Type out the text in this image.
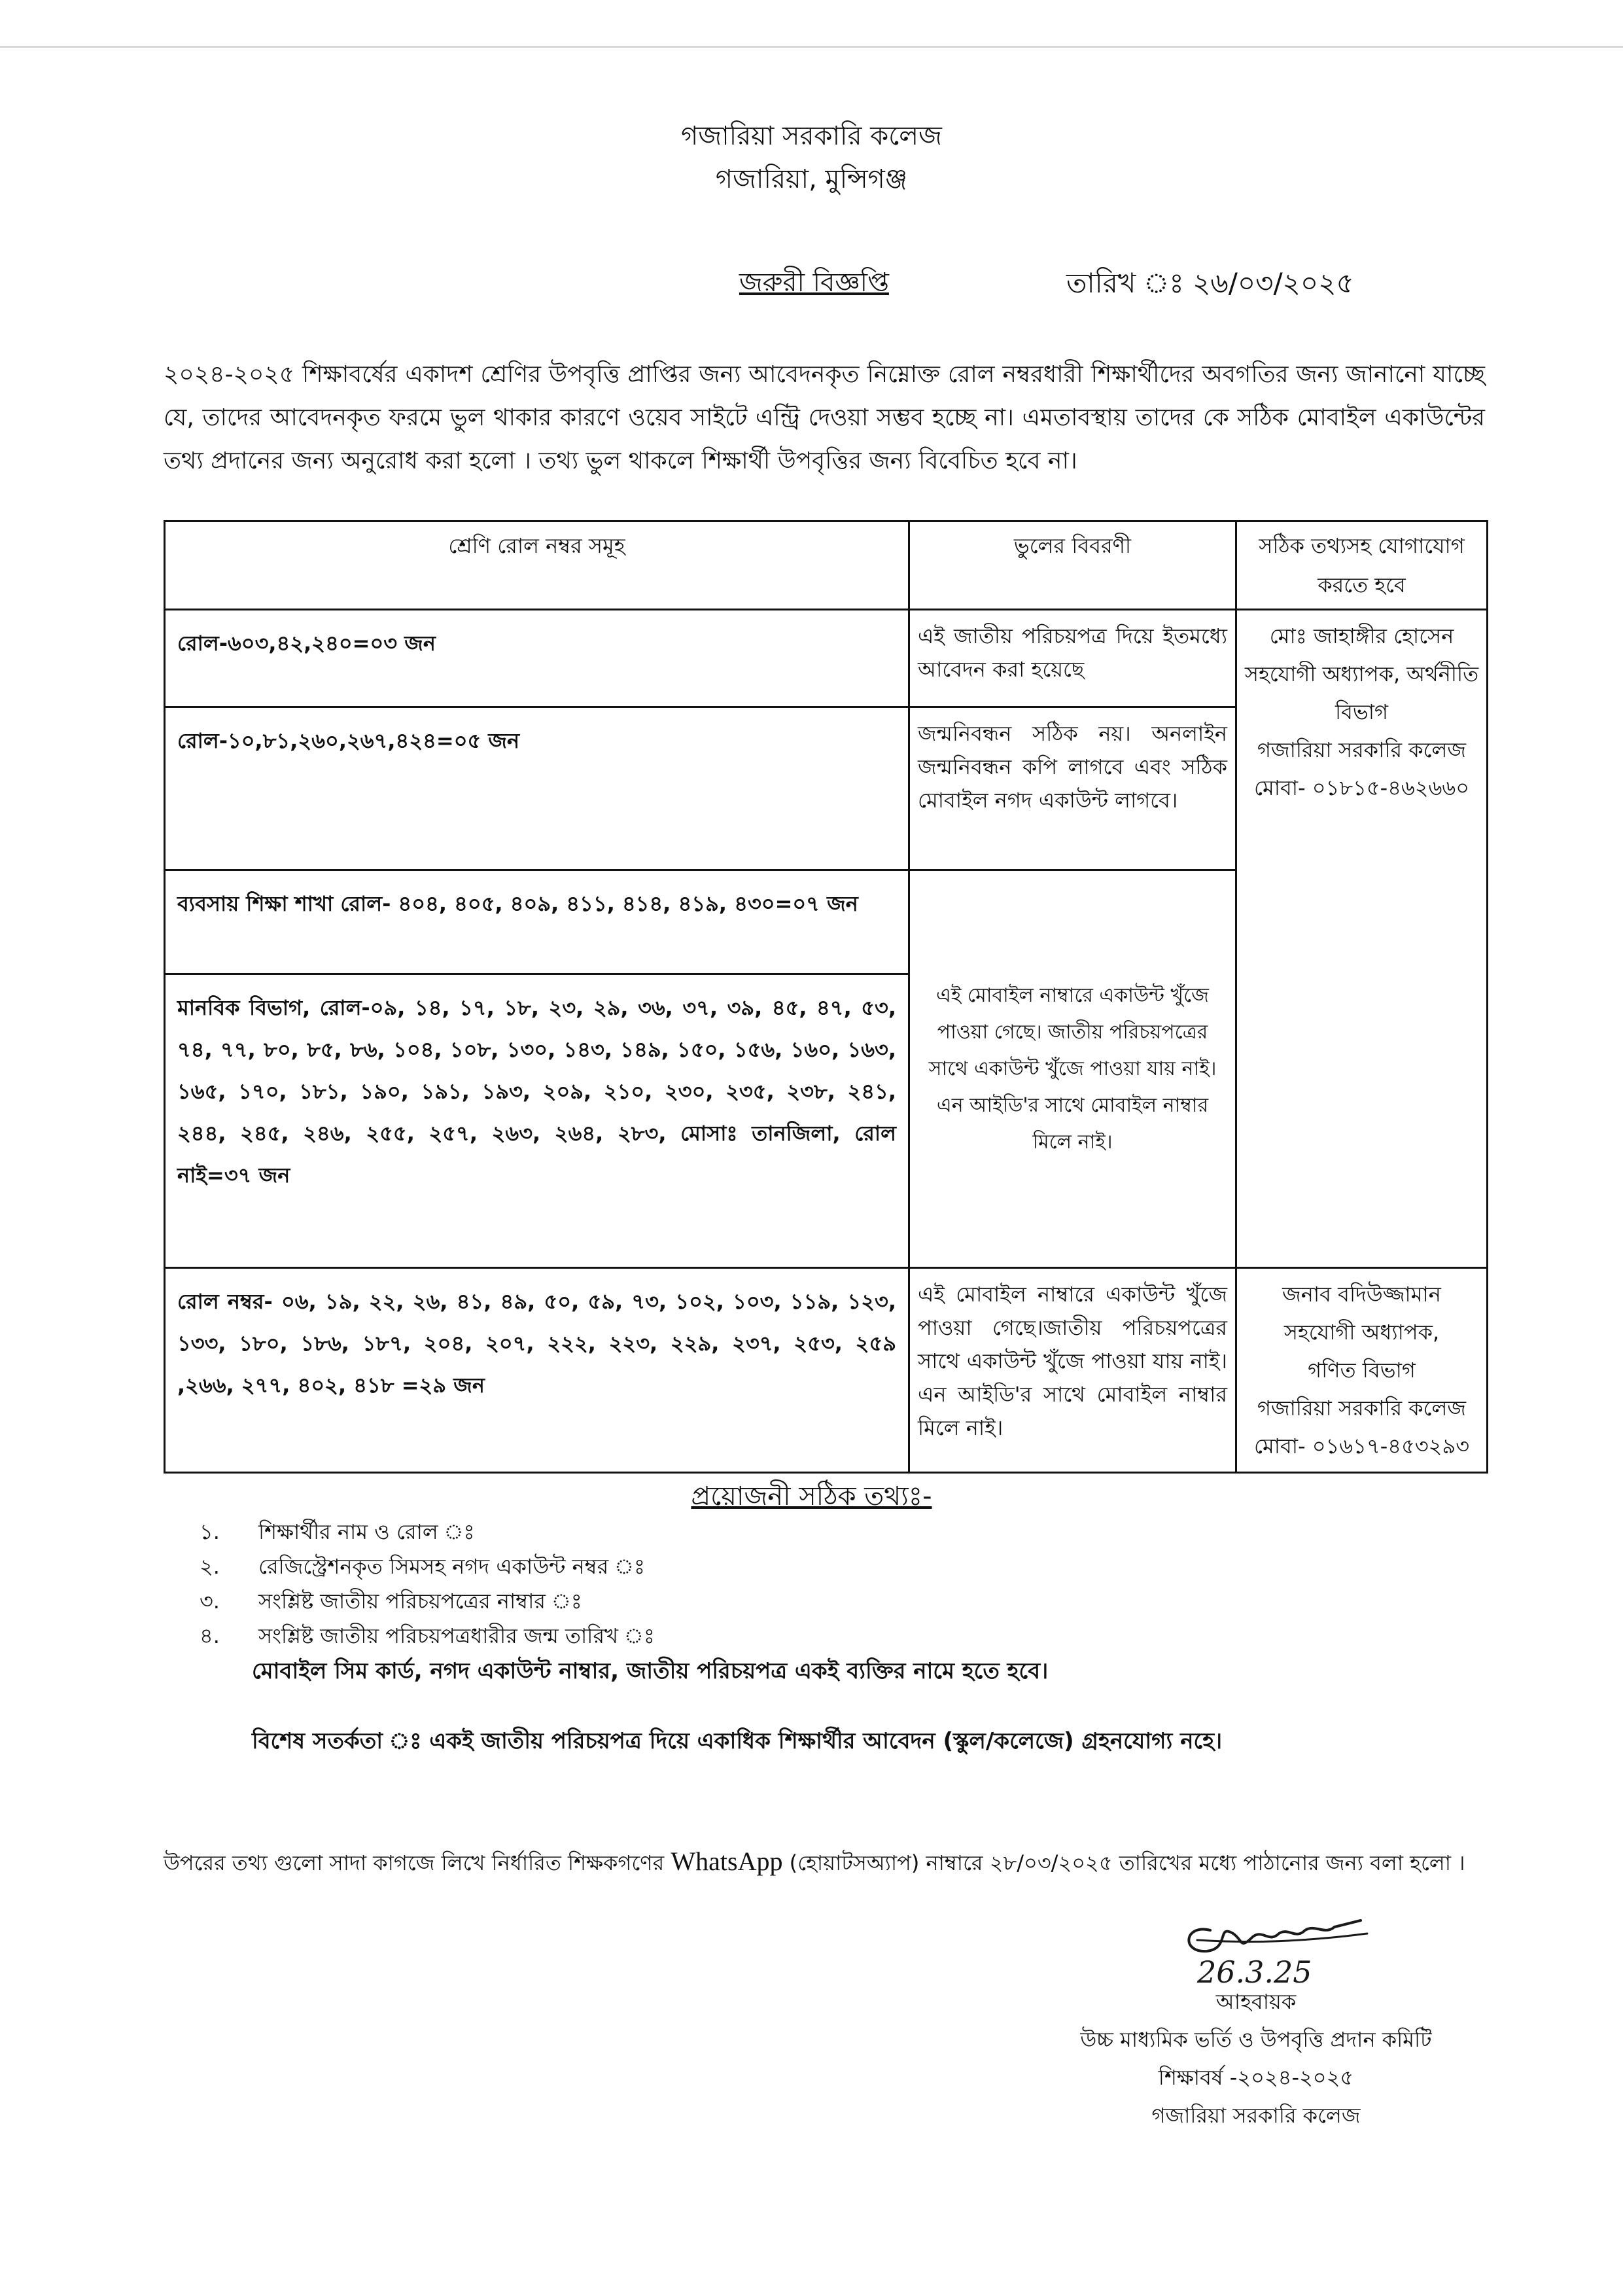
গজারিয়া সরকারি কলেজ
গজারিয়া, মুন্সিগঞ্জ
জরুরী বিজ্ঞপ্তি	তারিখ ঃ ২৬/০৩/২০২৫
২০২৪-২০২৫ শিক্ষাবর্ষের একাদশ শ্রেণির উপবৃত্তি প্রাপ্তির জন্য আবেদনকৃত নিম্নোক্ত রোল নম্বরধারী শিক্ষার্থীদের অবগতির জন্য জানানো যাচ্ছে যে, তাদের আবেদনকৃত ফরমে ভুল থাকার কারণে ওয়েব সাইটে এন্ট্রি দেওয়া সম্ভব হচ্ছে না। এমতাবস্থায় তাদের কে সঠিক মোবাইল একাউন্টের তথ্য প্রদানের জন্য অনুরোধ করা হলো । তথ্য ভুল থাকলে শিক্ষার্থী উপবৃত্তির জন্য বিবেচিত হবে না।
শ্রেণি রোল নম্বর সমূহ	ভুলের বিবরণী	সঠিক তথ্যসহ যোগাযোগ করতে হবে
রোল-৬০৩,৪২,২৪০=০৩ জন	এই জাতীয় পরিচয়পত্র দিয়ে ইতমধ্যে আবেদন করা হয়েছে	মোঃ জাহাঙ্গীর হোসেন
সহযোগী অধ্যাপক, অর্থনীতি বিভাগ
গজারিয়া সরকারি কলেজ
মোবা- ০১৮১৫-৪৬২৬৬০

রোল-১০,৮১,২৬০,২৬৭,৪২৪=০৫ জন	জন্মনিবন্ধন সঠিক নয়। অনলাইন জন্মনিবন্ধন কপি লাগবে এবং সঠিক মোবাইল নগদ একাউন্ট লাগবে।	
ব্যবসায় শিক্ষা শাখা রোল- ৪০৪, ৪০৫, ৪০৯, ৪১১, ৪১৪, ৪১৯, ৪৩০=০৭ জন	এই মোবাইল নাম্বারে একাউন্ট খুঁজে পাওয়া গেছে। জাতীয় পরিচয়পত্রের সাথে একাউন্ট খুঁজে পাওয়া যায় নাই। এন আইডি'র সাথে মোবাইল নাম্বার মিলে নাই।	
মানবিক বিভাগ, রোল-০৯, ১৪, ১৭, ১৮, ২৩, ২৯, ৩৬, ৩৭, ৩৯, ৪৫, ৪৭, ৫৩, ৭৪, ৭৭, ৮০, ৮৫, ৮৬, ১০৪, ১০৮, ১৩০, ১৪৩, ১৪৯, ১৫০, ১৫৬, ১৬০, ১৬৩, ১৬৫, ১৭০, ১৮১, ১৯০, ১৯১, ১৯৩, ২০৯, ২১০, ২৩০, ২৩৫, ২৩৮, ২৪১, ২৪৪, ২৪৫, ২৪৬, ২৫৫, ২৫৭, ২৬৩, ২৬৪, ২৮৩, মোসাঃ তানজিলা, রোল নাই=৩৭ জন		
রোল নম্বর- ০৬, ১৯, ২২, ২৬, ৪১, ৪৯, ৫০, ৫৯, ৭৩, ১০২, ১০৩, ১১৯, ১২৩, ১৩৩, ১৮০, ১৮৬, ১৮৭, ২০৪, ২০৭, ২২২, ২২৩, ২২৯, ২৩৭, ২৫৩, ২৫৯ ,২৬৬, ২৭৭, ৪০২, ৪১৮ =২৯ জন	এই মোবাইল নাম্বারে একাউন্ট খুঁজে পাওয়া গেছে।জাতীয় পরিচয়পত্রের সাথে একাউন্ট খুঁজে পাওয়া যায় নাই। এন আইডি'র সাথে মোবাইল নাম্বার মিলে নাই।	জনাব বদিউজ্জামান
সহযোগী অধ্যাপক,
গণিত বিভাগ
গজারিয়া সরকারি কলেজ
মোবা- ০১৬১৭-৪৫৩২৯৩
প্রয়োজনী সঠিক তথ্যঃ-
১.	শিক্ষার্থীর নাম ও রোল ঃ
২.	রেজিস্ট্রেশনকৃত সিমসহ নগদ একাউন্ট নম্বর ঃ
৩.	সংশ্লিষ্ট জাতীয় পরিচয়পত্রের নাম্বার ঃ
৪.	সংশ্লিষ্ট জাতীয় পরিচয়পত্রধারীর জন্ম তারিখ ঃ
মোবাইল সিম কার্ড, নগদ একাউন্ট নাম্বার, জাতীয় পরিচয়পত্র একই ব্যক্তির নামে হতে হবে।
বিশেষ সতর্কতা ঃ একই জাতীয় পরিচয়পত্র দিয়ে একাধিক শিক্ষার্থীর আবেদন (স্কুল/কলেজে) গ্রহনযোগ্য নহে।
উপরের তথ্য গুলো সাদা কাগজে লিখে নির্ধারিত শিক্ষকগণের WhatsApp (হোয়াটসঅ্যাপ) নাম্বারে ২৮/০৩/২০২৫ তারিখের মধ্যে পাঠানোর জন্য বলা হলো ।
26.3.25
আহবায়ক
উচ্চ মাধ্যমিক ভর্তি ও উপবৃত্তি প্রদান কমিটি
শিক্ষাবর্ষ -২০২৪-২০২৫
গজারিয়া সরকারি কলেজ
